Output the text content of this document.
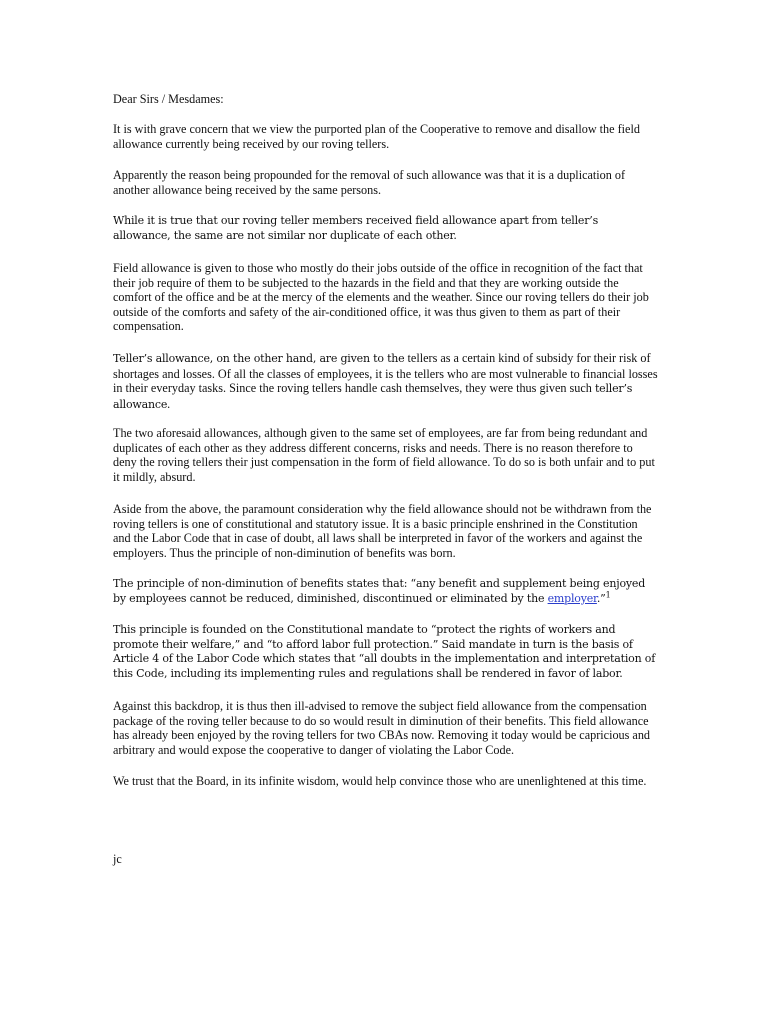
Dear Sirs / Mesdames:

It is with grave concern that we view the purported plan of the Cooperative to remove and disallow the field allowance currently being received by our roving tellers.

Apparently the reason being propounded for the removal of such allowance was that it is a duplication of another allowance being received by the same persons.

While it is true that our roving teller members received field allowance apart from teller’s allowance, the same are not similar nor duplicate of each other.

Field allowance is given to those who mostly do their jobs outside of the office in recognition of the fact that their job require of them to be subjected to the hazards in the field and that they are working outside the comfort of the office and be at the mercy of the elements and the weather. Since our roving tellers do their job outside of the comforts and safety of the air-conditioned office, it was thus given to them as part of their compensation.

Teller’s allowance, on the other hand, are given to the tellers as a certain kind of subsidy for their risk of shortages and losses. Of all the classes of employees, it is the tellers who are most vulnerable to financial losses in their everyday tasks. Since the roving tellers handle cash themselves, they were thus given such teller’s allowance.

The two aforesaid allowances, although given to the same set of employees, are far from being redundant and duplicates of each other as they address different concerns, risks and needs. There is no reason therefore to deny the roving tellers their just compensation in the form of field allowance. To do so is both unfair and to put it mildly, absurd.

Aside from the above, the paramount consideration why the field allowance should not be withdrawn from the roving tellers is one of constitutional and statutory issue. It is a basic principle enshrined in the Constitution and the Labor Code that in case of doubt, all laws shall be interpreted in favor of the workers and against the employers. Thus the principle of non-diminution of benefits was born.

The principle of non-diminution of benefits states that: “any benefit and supplement being enjoyed by employees cannot be reduced, diminished, discontinued or eliminated by the employer.”$^1$

This principle is founded on the Constitutional mandate to “protect the rights of workers and promote their welfare,” and “to afford labor full protection.” Said mandate in turn is the basis of Article 4 of the Labor Code which states that “all doubts in the implementation and interpretation of this Code, including its implementing rules and regulations shall be rendered in favor of labor.

Against this backdrop, it is thus then ill-advised to remove the subject field allowance from the compensation package of the roving teller because to do so would result in diminution of their benefits. This field allowance has already been enjoyed by the roving tellers for two CBAs now. Removing it today would be capricious and arbitrary and would expose the cooperative to danger of violating the Labor Code.

We trust that the Board, in its infinite wisdom, would help convince those who are unenlightened at this time.

jc
